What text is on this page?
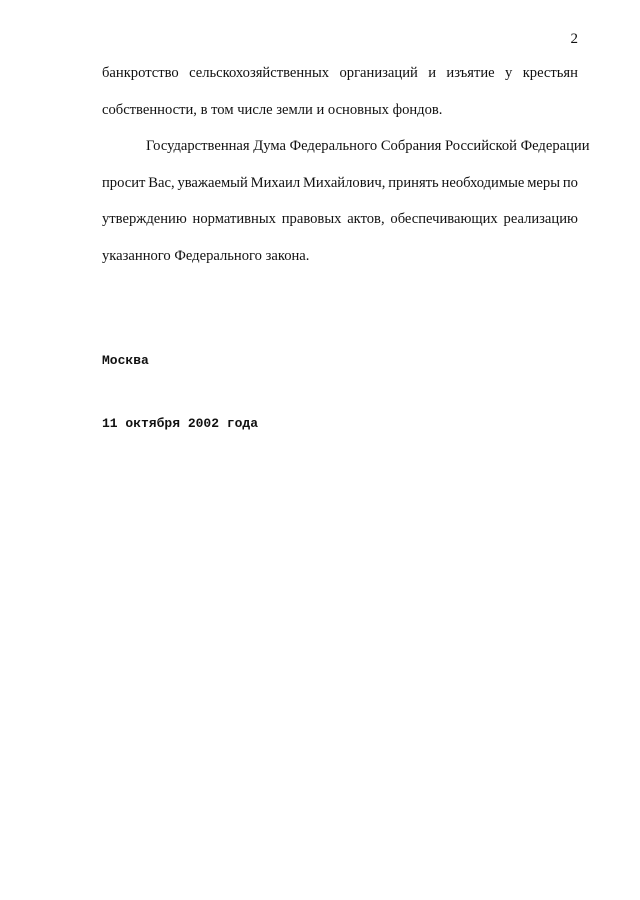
2
банкротство сельскохозяйственных организаций и изъятие у крестьян
собственности, в том числе земли и основных фондов.
Государственная Дума Федерального Собрания Российской Федерации
просит Вас, уважаемый Михаил Михайлович, принять необходимые меры по
утверждению нормативных правовых актов, обеспечивающих реализацию
указанного Федерального закона.

Москва

11 октября 2002 года
